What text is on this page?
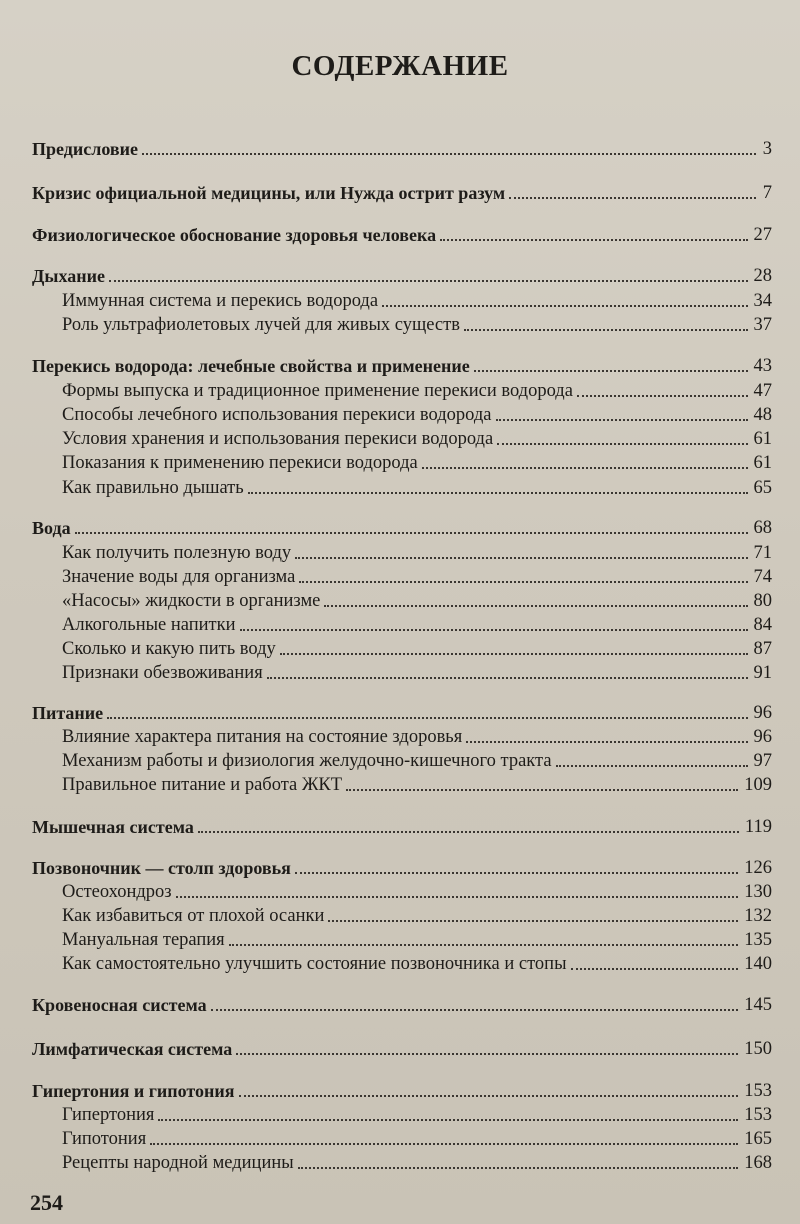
СОДЕРЖАНИЕ
Предисловие	3
Кризис официальной медицины, или Нужда острит разум	7
Физиологическое обоснование здоровья человека	27
Дыхание	28
Иммунная система и перекись водорода	34
Роль ультрафиолетовых лучей для живых существ	37
Перекись водорода: лечебные свойства и применение	43
Формы выпуска и традиционное применение перекиси водорода	47
Способы лечебного использования перекиси водорода	48
Условия хранения и использования перекиси водорода	61
Показания к применению перекиси водорода	61
Как правильно дышать	65
Вода	68
Как получить полезную воду	71
Значение воды для организма	74
«Насосы» жидкости в организме	80
Алкогольные напитки	84
Сколько и какую пить воду	87
Признаки обезвоживания	91
Питание	96
Влияние характера питания на состояние здоровья	96
Механизм работы и физиология желудочно-кишечного тракта	97
Правильное питание и работа ЖКТ	109
Мышечная система	119
Позвоночник — столп здоровья	126
Остеохондроз	130
Как избавиться от плохой осанки	132
Мануальная терапия	135
Как самостоятельно улучшить состояние позвоночника и стопы	140
Кровеносная система	145
Лимфатическая система	150
Гипертония и гипотония	153
Гипертония	153
Гипотония	165
Рецепты народной медицины	168
254
